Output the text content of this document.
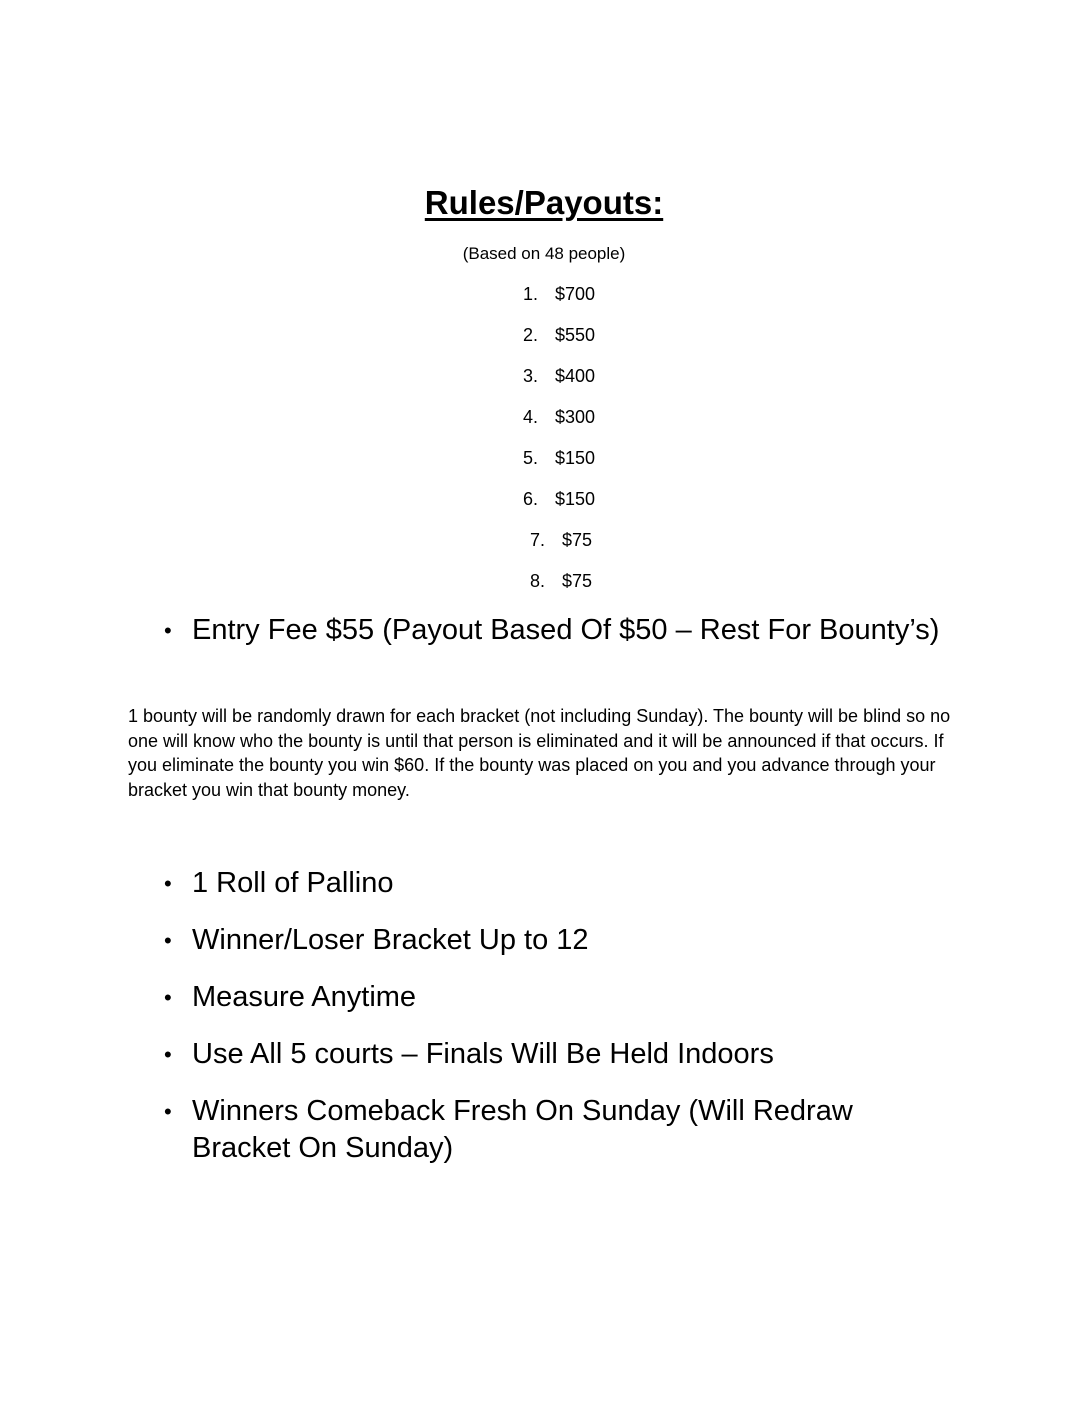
Rules/Payouts:
(Based on 48 people)
1. $700
2. $550
3. $400
4. $300
5. $150
6. $150
7. $75
8. $75
• Entry Fee $55 (Payout Based Of $50 – Rest For Bounty’s)

1 bounty will be randomly drawn for each bracket (not including Sunday). The bounty will be blind so no one will know who the bounty is until that person is eliminated and it will be announced if that occurs. If you eliminate the bounty you win $60. If the bounty was placed on you and you advance through your bracket you win that bounty money.

• 1 Roll of Pallino
• Winner/Loser Bracket Up to 12
• Measure Anytime
• Use All 5 courts – Finals Will Be Held Indoors
• Winners Comeback Fresh On Sunday (Will Redraw Bracket On Sunday)
